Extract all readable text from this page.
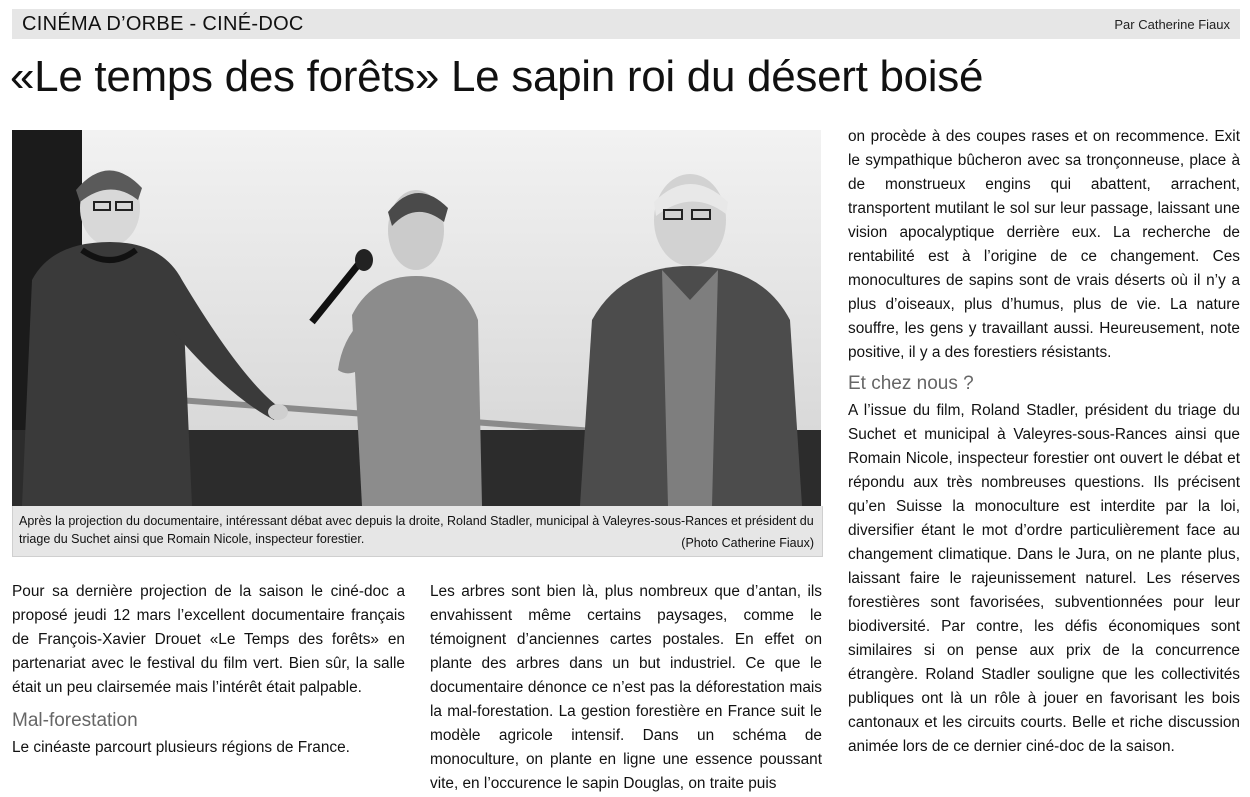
CINÉMA D’ORBE - CINÉ-DOC	Par Catherine Fiaux
«Le temps des forêts» Le sapin roi du désert boisé
Après la projection du documentaire, intéressant débat avec depuis la droite, Roland Stadler, municipal à Valeyres-sous-Rances et président du triage du Suchet ainsi que Romain Nicole, inspecteur forestier.	(Photo Catherine Fiaux)

Pour sa dernière projection de la saison le ciné-doc a proposé jeudi 12 mars l’excellent documentaire français de François-Xavier Drouet «Le Temps des forêts» en partenariat avec le festival du film vert. Bien sûr, la salle était un peu clairsemée mais l’intérêt était palpable.

Mal-forestation

Le cinéaste parcourt plusieurs régions de France.

Les arbres sont bien là, plus nombreux que d’antan, ils envahissent même certains paysages, comme le témoignent d’anciennes cartes postales. En effet on plante des arbres dans un but industriel. Ce que le documentaire dénonce ce n’est pas la déforestation mais la mal-forestation. La gestion forestière en France suit le modèle agricole intensif. Dans un schéma de monoculture, on plante en ligne une essence poussant vite, en l’occurence le sapin Douglas, on traite puis

on procède à des coupes rases et on recommence. Exit le sympathique bûcheron avec sa tronçonneuse, place à de monstrueux engins qui abattent, arrachent, transportent mutilant le sol sur leur passage, laissant une vision apocalyptique derrière eux. La recherche de rentabilité est à l’origine de ce changement. Ces monocultures de sapins sont de vrais déserts où il n’y a plus d’oiseaux, plus d’humus, plus de vie. La nature souffre, les gens y travaillant aussi. Heureusement, note positive, il y a des forestiers résistants.

Et chez nous ?

A l’issue du film, Roland Stadler, président du triage du Suchet et municipal à Valeyres-sous-Rances ainsi que Romain Nicole, inspecteur forestier ont ouvert le débat et répondu aux très nombreuses questions. Ils précisent qu’en Suisse la monoculture est interdite par la loi, diversifier étant le mot d’ordre particulièrement face au changement climatique. Dans le Jura, on ne plante plus, laissant faire le rajeunissement naturel. Les réserves forestières sont favorisées, subventionnées pour leur biodiversité. Par contre, les défis économiques sont similaires si on pense aux prix de la concurrence étrangère. Roland Stadler souligne que les collectivités publiques ont là un rôle à jouer en favorisant les bois cantonaux et les circuits courts. Belle et riche discussion animée lors de ce dernier ciné-doc de la saison.
